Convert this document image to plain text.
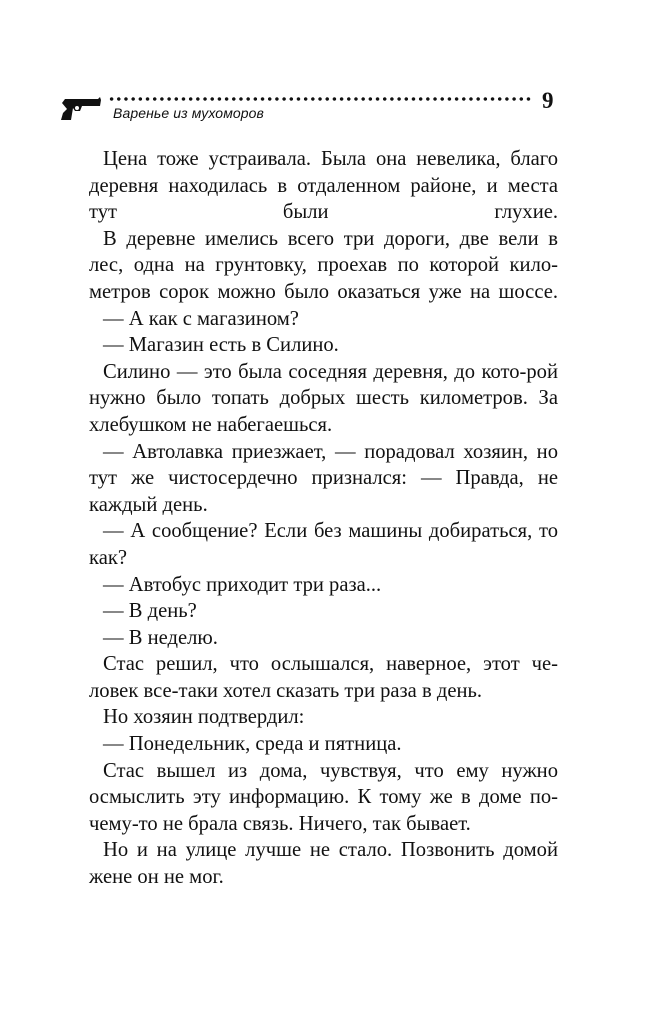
Варенье из мухоморов	9

Цена тоже устраивала. Была она невелика, благо деревня находилась в отдаленном районе, и места тут были глухие.

В деревне имелись всего три дороги, две вели в лес, одна на грунтовку, проехав по которой кило-метров сорок можно было оказаться уже на шоссе.

— А как с магазином?

— Магазин есть в Силино.

Силино — это была соседняя деревня, до кото-рой нужно было топать добрых шесть километров. За хлебушком не набегаешься.

— Автолавка приезжает, — порадовал хозяин, но тут же чистосердечно признался: — Правда, не каждый день.

— А сообщение? Если без машины добираться, то как?

— Автобус приходит три раза...

— В день?

— В неделю.

Стас решил, что ослышался, наверное, этот че-ловек все-таки хотел сказать три раза в день.

Но хозяин подтвердил:

— Понедельник, среда и пятница.

Стас вышел из дома, чувствуя, что ему нужно осмыслить эту информацию. К тому же в доме по-чему-то не брала связь. Ничего, так бывает.

Но и на улице лучше не стало. Позвонить домой жене он не мог.
